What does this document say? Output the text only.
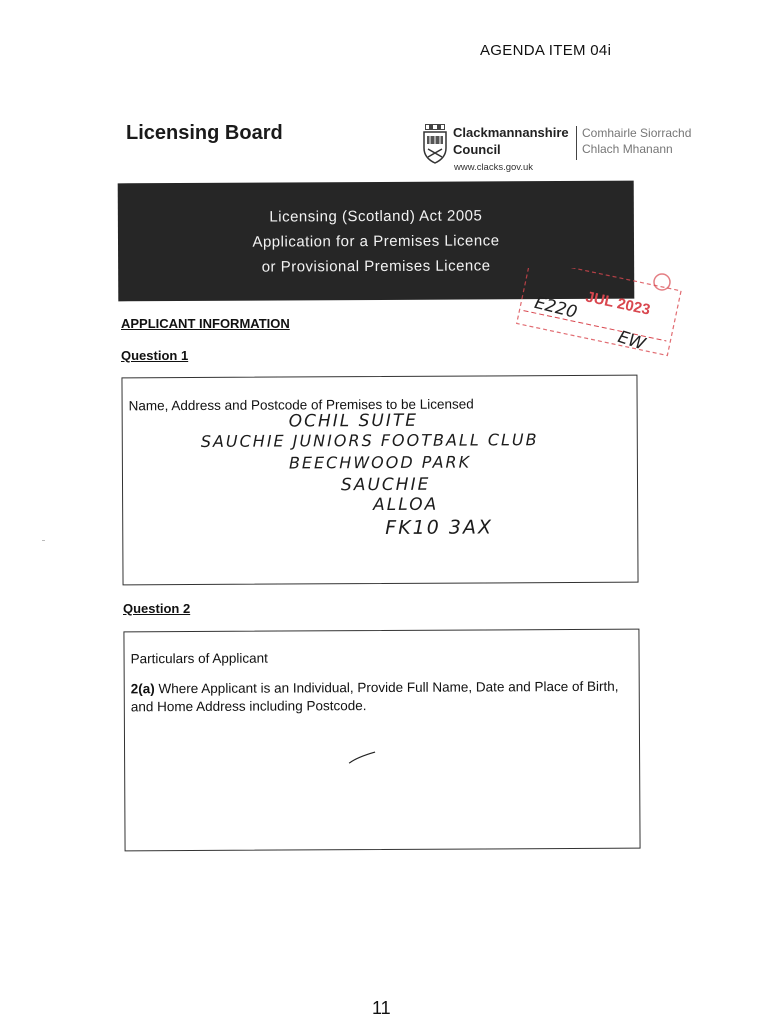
AGENDA ITEM 04i
Licensing Board	Clackmannanshire
Council
Comhairle Siorrachd
Chlach Mhanann
www.clacks.gov.uk
Licensing (Scotland) Act 2005
Application for a Premises Licence
or Provisional Premises Licence
JUL 2023
E220
EW
APPLICANT INFORMATION
Question 1
Name, Address and Postcode of Premises to be Licensed
OCHIL SUITE
SAUCHIE JUNIORS FOOTBALL CLUB
BEECHWOOD PARK
SAUCHIE
ALLOA
FK10 3AX
Question 2
Particulars of Applicant
2(a) Where Applicant is an Individual, Provide Full Name, Date and Place of Birth, and Home Address including Postcode.
11
